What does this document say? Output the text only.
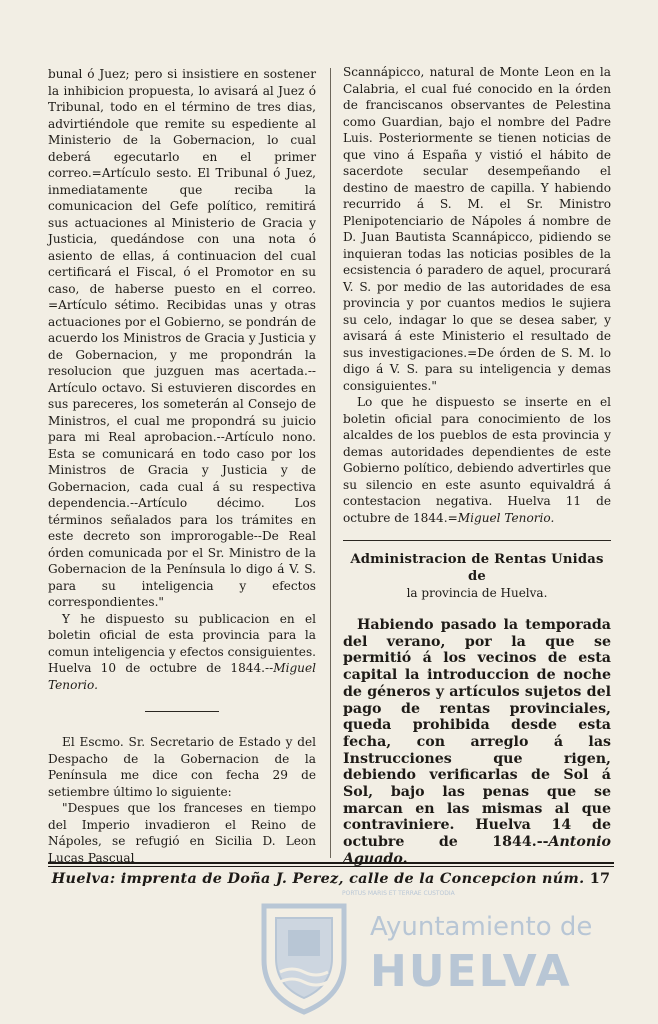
bunal ó Juez; pero si insistiere en sostener la inhibicion propuesta, lo avisará al Juez ó Tribunal, todo en el término de tres dias, advirtiéndole que remite su espediente al Ministerio de la Gobernacion, lo cual deberá egecutarlo en el primer correo.=Artículo sesto. El Tribunal ó Juez, inmediatamente que reciba la comunicacion del Gefe político, remitirá sus actuaciones al Ministerio de Gracia y Justicia, quedándose con una nota ó asiento de ellas, á continuacion del cual certificará el Fiscal, ó el Promotor en su caso, de haberse puesto en el correo. =Artículo sétimo. Recibidas unas y otras actuaciones por el Gobierno, se pondrán de acuerdo los Ministros de Gracia y Justicia y de Gobernacion, y me propondrán la resolucion que juzguen mas acertada.--Artículo octavo. Si estuvieren discordes en sus pareceres, los someterán al Consejo de Ministros, el cual me propondrá su juicio para mi Real aprobacion.--Artículo nono. Esta se comunicará en todo caso por los Ministros de Gracia y Justicia y de Gobernacion, cada cual á su respectiva dependencia.--Artículo décimo. Los términos señalados para los trámites en este decreto son improrogable--De Real órden comunicada por el Sr. Ministro de la Gobernacion de la Península lo digo á V. S. para su inteligencia y efectos correspondientes."

Y he dispuesto su publicacion en el boletin oficial de esta provincia para la comun inteligencia y efectos consiguientes. Huelva 10 de octubre de 1844.--Miguel Tenorio.

El Escmo. Sr. Secretario de Estado y del Despacho de la Gobernacion de la Península me dice con fecha 29 de setiembre último lo siguiente:

"Despues que los franceses en tiempo del Imperio invadieron el Reino de Nápoles, se refugió en Sicilia D. Leon Lucas Pascual

Scannápicco, natural de Monte Leon en la Calabria, el cual fué conocido en la órden de franciscanos observantes de Pelestina como Guardian, bajo el nombre del Padre Luis. Posteriormente se tienen noticias de que vino á España y vistió el hábito de sacerdote secular desempeñando el destino de maestro de capilla. Y habiendo recurrido á S. M. el Sr. Ministro Plenipotenciario de Nápoles á nombre de D. Juan Bautista Scannápicco, pidiendo se inquieran todas las noticias posibles de la ecsistencia ó paradero de aquel, procurará V. S. por medio de las autoridades de esa provincia y por cuantos medios le sujiera su celo, indagar lo que se desea saber, y avisará á este Ministerio el resultado de sus investigaciones.=De órden de S. M. lo digo á V. S. para su inteligencia y demas consiguientes."

Lo que he dispuesto se inserte en el boletin oficial para conocimiento de los alcaldes de los pueblos de esta provincia y demas autoridades dependientes de este Gobierno político, debiendo advertirles que su silencio en este asunto equivaldrá á contestacion negativa. Huelva 11 de octubre de 1844.=Miguel Tenorio.

Administracion de Rentas Unidas de
la provincia de Huelva.

Habiendo pasado la temporada del verano, por la que se permitió á los vecinos de esta capital la introduccion de noche de géneros y artículos sujetos del pago de rentas provinciales, queda prohibida desde esta fecha, con arreglo á las Instrucciones que rigen, debiendo verificarlas de Sol á Sol, bajo las penas que se marcan en las mismas al que contraviniere. Huelva 14 de octubre de 1844.--Antonio Aguado.

Huelva: imprenta de Doña J. Perez, calle de la Concepcion núm. 17
PORTUS MARIS ET TERRAE CUSTODIA
Ayuntamiento de
HUELVA
